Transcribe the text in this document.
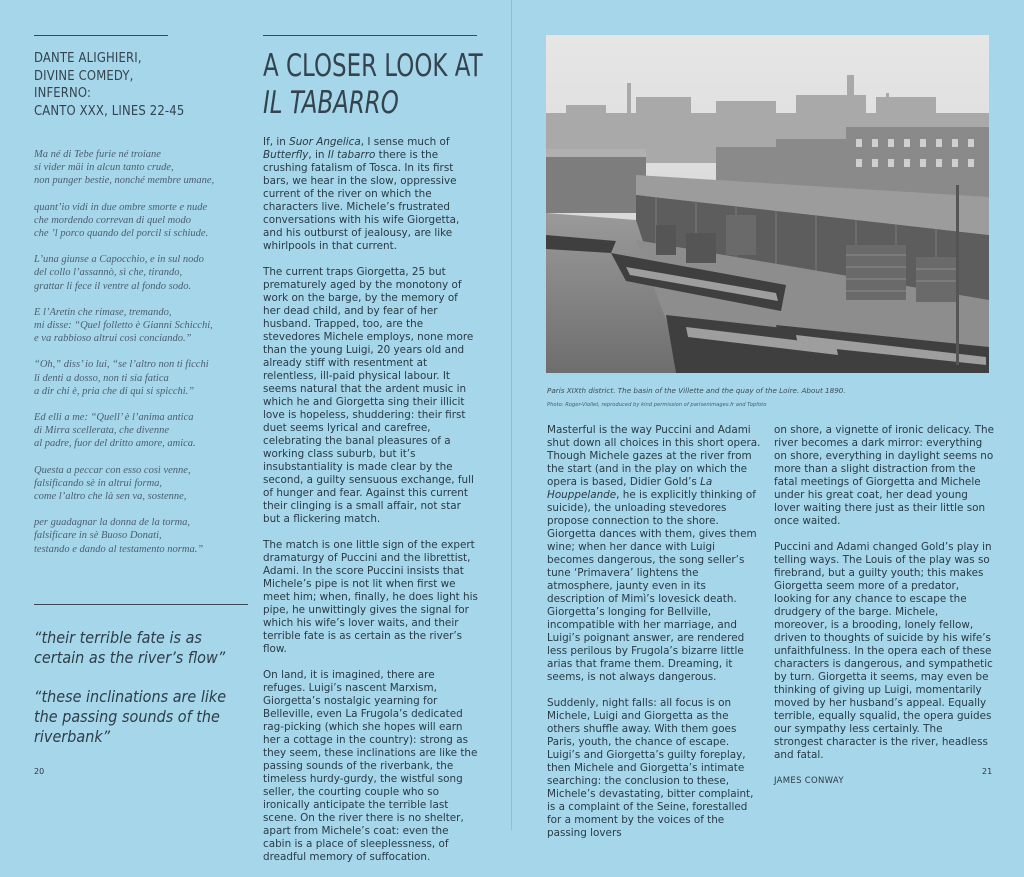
DANTE ALIGHIERI,
DIVINE COMEDY,
INFERNO:
CANTO XXX, LINES 22-45
Ma né di Tebe furie né troiane
si vider mäi in alcun tanto crude,
non punger bestie, nonché membre umane,
quant’io vidi in due ombre smorte e nude
che mordendo correvan di quel modo
che ’l porco quando del porcil si schiude.
L’una giunse a Capocchio, e in sul nodo
del collo l’assannò, sì che, tirando,
grattar li fece il ventre al fondo sodo.
E l’Aretin che rimase, tremando,
mi disse: “Quel folletto è Gianni Schicchi,
e va rabbioso altrui così conciando.”
“Oh,” diss’ io lui, “se l’altro non ti ficchi
li denti a dosso, non ti sia fatica
a dir chi è, pria che di qui si spicchi.”
Ed elli a me: “Quell’ è l’anima antica
di Mirra scellerata, che divenne
al padre, fuor del dritto amore, amica.
Questa a peccar con esso così venne,
falsificando sè in altrui forma,
come l’altro che là sen va, sostenne,
per guadagnar la donna de la torma,
falsificare in sè Buoso Donati,
testando e dando al testamento norma.”
“their terrible fate is as certain as the river’s flow”
“these inclinations are like the passing sounds of the riverbank”
A CLOSER LOOK AT
IL TABARRO

If, in Suor Angelica, I sense much of Butterfly, in Il tabarro there is the crushing fatalism of Tosca. In its first bars, we hear in the slow, oppressive current of the river on which the characters live. Michele’s frustrated conversations with his wife Giorgetta, and his outburst of jealousy, are like whirlpools in that current.

The current traps Giorgetta, 25 but prematurely aged by the monotony of work on the barge, by the memory of her dead child, and by fear of her husband. Trapped, too, are the stevedores Michele employs, none more than the young Luigi, 20 years old and already stiff with resentment at relentless, ill-paid physical labour. It seems natural that the ardent music in which he and Giorgetta sing their illicit love is hopeless, shuddering: their first duet seems lyrical and carefree, celebrating the banal pleasures of a working class suburb, but it’s insubstantiality is made clear by the second, a guilty sensuous exchange, full of hunger and fear. Against this current their clinging is a small affair, not star but a flickering match.

The match is one little sign of the expert dramaturgy of Puccini and the librettist, Adami. In the score Puccini insists that Michele’s pipe is not lit when first we meet him; when, finally, he does light his pipe, he unwittingly gives the signal for which his wife’s lover waits, and their terrible fate is as certain as the river’s flow.

On land, it is imagined, there are refuges. Luigi’s nascent Marxism, Giorgetta’s nostalgic yearning for Belleville, even La Frugola’s dedicated rag-picking (which she hopes will earn her a cottage in the country): strong as they seem, these inclinations are like the passing sounds of the riverbank, the timeless hurdy-gurdy, the wistful song seller, the courting couple who so ironically anticipate the terrible last scene. On the river there is no shelter, apart from Michele’s coat: even the cabin is a place of sleeplessness, of dreadful memory of suffocation.

20
Paris XIXth district. The basin of the Villette and the quay of the Loire. About 1890.
Photo: Roger-Viollet, reproduced by kind permission of parisenimages.fr and Topfoto

Masterful is the way Puccini and Adami shut down all choices in this short opera. Though Michele gazes at the river from the start (and in the play on which the opera is based, Didier Gold’s La Houppelande, he is explicitly thinking of suicide), the unloading stevedores propose connection to the shore. Giorgetta dances with them, gives them wine; when her dance with Luigi becomes dangerous, the song seller’s tune ‘Primavera’ lightens the atmosphere, jaunty even in its description of Mimì’s lovesick death. Giorgetta’s longing for Bellville, incompatible with her marriage, and Luigi’s poignant answer, are rendered less perilous by Frugola’s bizarre little arias that frame them. Dreaming, it seems, is not always dangerous.

Suddenly, night falls: all focus is on Michele, Luigi and Giorgetta as the others shuffle away. With them goes Paris, youth, the chance of escape. Luigi’s and Giorgetta’s guilty foreplay, then Michele and Giorgetta’s intimate searching: the conclusion to these, Michele’s devastating, bitter complaint, is a complaint of the Seine, forestalled for a moment by the voices of the passing lovers

on shore, a vignette of ironic delicacy. The river becomes a dark mirror: everything on shore, everything in daylight seems no more than a slight distraction from the fatal meetings of Giorgetta and Michele under his great coat, her dead young lover waiting there just as their little son once waited.

Puccini and Adami changed Gold’s play in telling ways. The Louis of the play was so firebrand, but a guilty youth; this makes Giorgetta seem more of a predator, looking for any chance to escape the drudgery of the barge. Michele, moreover, is a brooding, lonely fellow, driven to thoughts of suicide by his wife’s unfaithfulness. In the opera each of these characters is dangerous, and sympathetic by turn. Giorgetta it seems, may even be thinking of giving up Luigi, momentarily moved by her husband’s appeal. Equally terrible, equally squalid, the opera guides our sympathy less certainly. The strongest character is the river, headless and fatal.

JAMES CONWAY
21
